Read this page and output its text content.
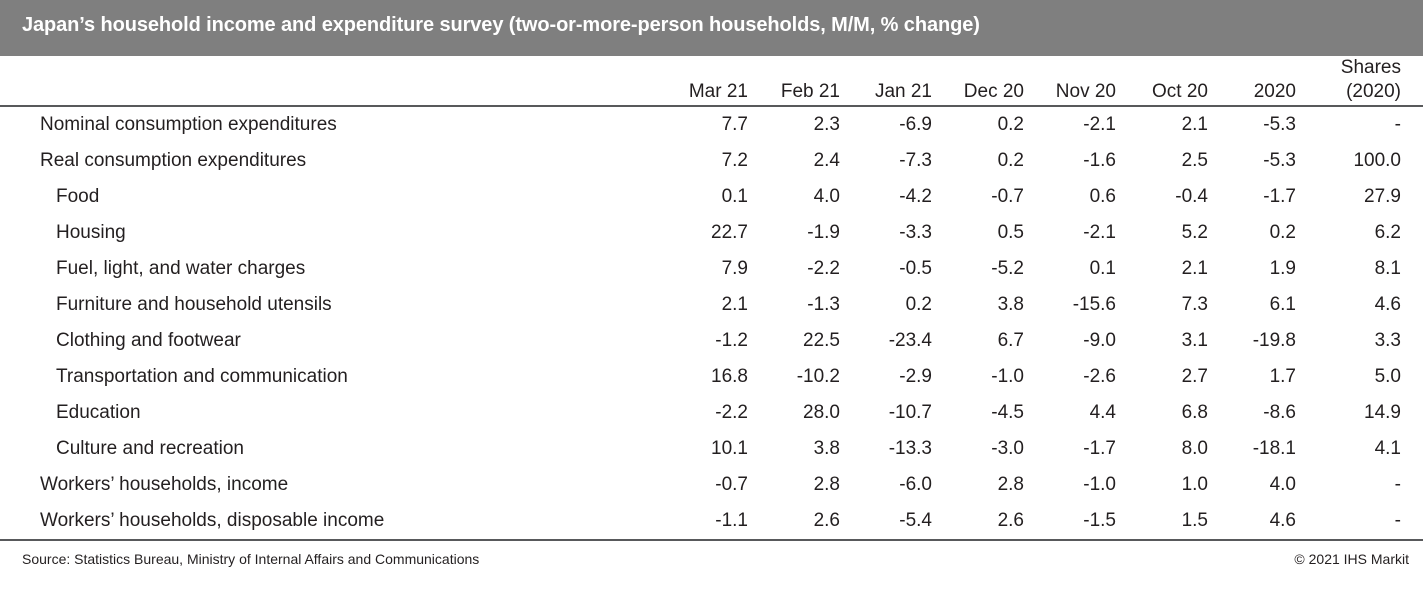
Japan’s household income and expenditure survey (two-or-more-person households, M/M, % change)
	Mar 21	Feb 21	Jan 21	Dec 20	Nov 20	Oct 20	2020	Shares (2020)	
Nominal consumption expenditures	7.7	2.3	-6.9	0.2	-2.1	2.1	-5.3	-	
Real consumption expenditures	7.2	2.4	-7.3	0.2	-1.6	2.5	-5.3	100.0	
Food	0.1	4.0	-4.2	-0.7	0.6	-0.4	-1.7	27.9	
Housing	22.7	-1.9	-3.3	0.5	-2.1	5.2	0.2	6.2	
Fuel, light, and water charges	7.9	-2.2	-0.5	-5.2	0.1	2.1	1.9	8.1	
Furniture and household utensils	2.1	-1.3	0.2	3.8	-15.6	7.3	6.1	4.6	
Clothing and footwear	-1.2	22.5	-23.4	6.7	-9.0	3.1	-19.8	3.3	
Transportation and communication	16.8	-10.2	-2.9	-1.0	-2.6	2.7	1.7	5.0	
Education	-2.2	28.0	-10.7	-4.5	4.4	6.8	-8.6	14.9	
Culture and recreation	10.1	3.8	-13.3	-3.0	-1.7	8.0	-18.1	4.1	
Workers’ households, income	-0.7	2.8	-6.0	2.8	-1.0	1.0	4.0	-	
Workers’ households, disposable income	-1.1	2.6	-5.4	2.6	-1.5	1.5	4.6	-	
Source: Statistics Bureau, Ministry of Internal Affairs and Communications	© 2021 IHS Markit
